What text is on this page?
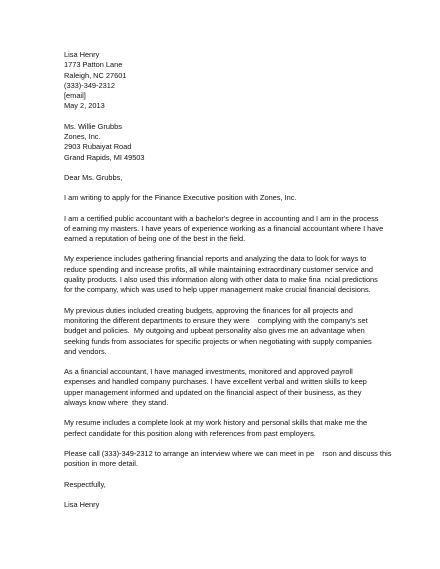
Lisa Henry
1773 Patton Lane
Raleigh, NC 27601
(333)-349-2312
[email]
May 2, 2013
Ms. Willie Grubbs
Zones, Inc.
2903 Rubaiyat Road
Grand Rapids, MI 49503
Dear Ms. Grubbs,
I am writing to apply for the Finance Executive position with Zones, Inc.
I am a certified public accountant with a bachelor's degree in accounting and I am in the process
of earning my masters. I have years of experience working as a financial accountant where I have
earned a reputation of being one of the best in the field.
My experience includes gathering financial reports and analyzing the data to look for ways to
reduce spending and increase profits, all while maintaining extraordinary customer service and
quality products. I also used this information along with other data to make fina  ncial predictions
for the company, which was used to help upper management make crucial financial decisions.
My previous duties included creating budgets, approving the finances for all projects and
monitoring the different departments to ensure they were    complying with the company's set
budget and policies.  My outgoing and upbeat personality also gives me an advantage when
seeking funds from associates for specific projects or when negotiating with supply companies
and vendors.
As a financial accountant, I have managed investments, monitored and approved payroll
expenses and handled company purchases. I have excellent verbal and written skills to keep
upper management informed and updated on the financial aspect of their business, as they
always know where  they stand.
My resume includes a complete look at my work history and personal skills that make me the
perfect candidate for this position along with references from past employers.
Please call (333)-349-2312 to arrange an interview where we can meet in pe    rson and discuss this
position in more detail.
Respectfully,
Lisa Henry
